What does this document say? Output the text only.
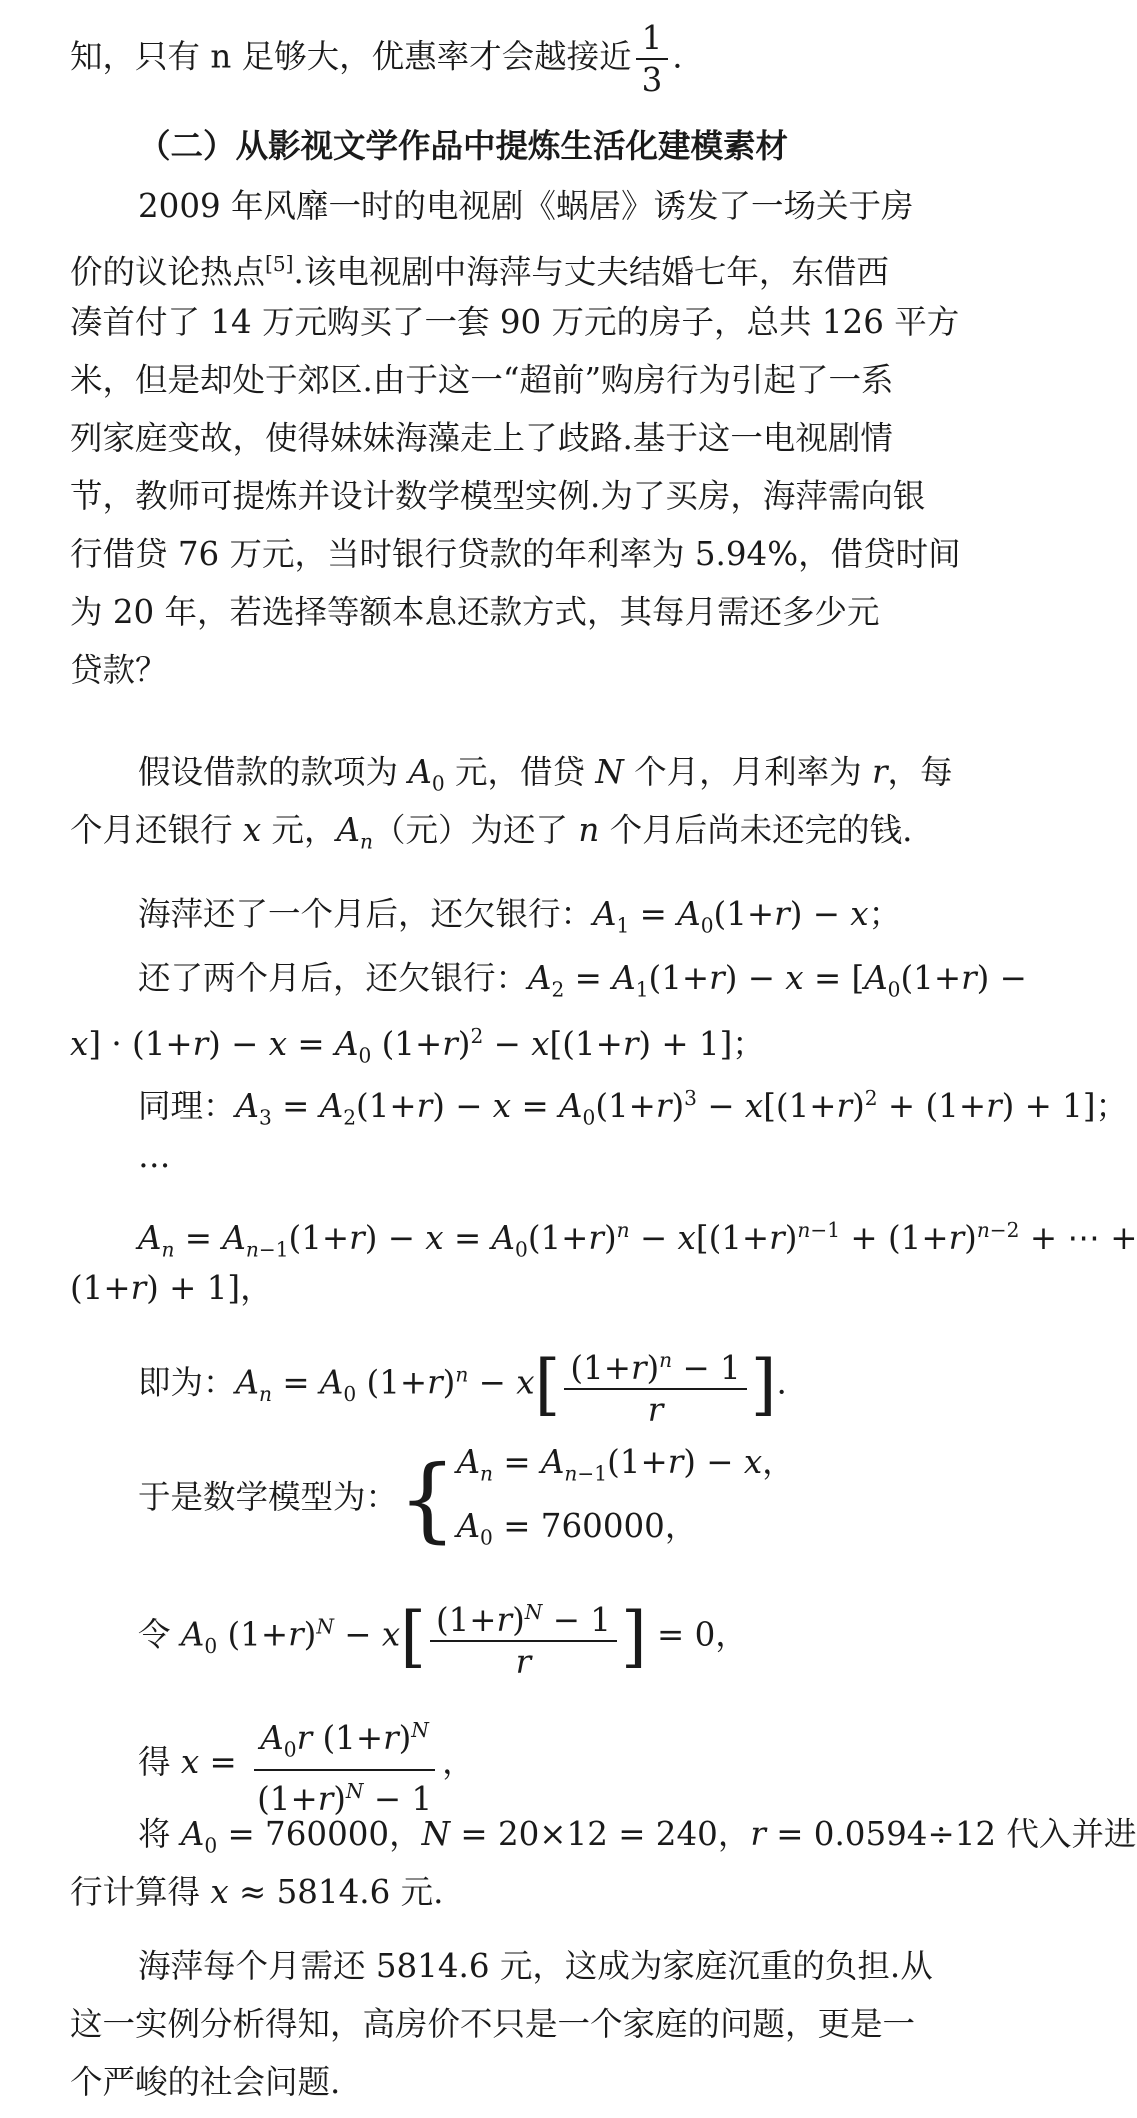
知，只有 n 足够大，优惠率才会越接近 $\frac{1}{3}$ .
（二）从影视文学作品中提炼生活化建模素材
2009 年风靡一时的电视剧《蜗居》诱发了一场关于房
价的议论热点[5].该电视剧中海萍与丈夫结婚七年，东借西
凑首付了 14 万元购买了一套 90 万元的房子，总共 126 平方
米，但是却处于郊区.由于这一“超前”购房行为引起了一系
列家庭变故，使得妹妹海藻走上了歧路.基于这一电视剧情
节，教师可提炼并设计数学模型实例.为了买房，海萍需向银
行借贷 76 万元，当时银行贷款的年利率为 5.94%，借贷时间
为 20 年，若选择等额本息还款方式，其每月需还多少元
贷款？
假设借款的款项为 $A_0$ 元，借贷 N 个月，月利率为 r，每
个月还银行 x 元，$A_n$（元）为还了 n 个月后尚未还完的钱.
海萍还了一个月后，还欠银行：$A_1 = A_0(1+r) - x$；
还了两个月后，还欠银行：$A_2 = A_1(1+r) - x = [A_0(1+r)$ −
$x] \cdot (1+r) - x = A_0$ $(1+r)^2 - x[(1+r) + 1]$；
同理：$A_3 = A_2(1+r) - x = A_0(1+r)^3 - x[(1+r)^2 + (1+r) + 1]$；
…
$A_n = A_{n-1}(1+r) - x = A_0(1+r)^n - x[(1+r)^{n-1} + (1+r)^{n-2}$ + ⋯ +
(1+r) + 1]，
即为：$A_n = A_0$ $(1+r)^n - x[ \frac{(1+r)^n - 1}{r}$ ].
于是数学模型为：{ $A_n = A_{n-1}(1+r) - x$，
$A_0 = 760000$，
令 $A_0$ $(1+r)^N - x[ \frac{(1+r)^N - 1}{r}$ ] = 0，
得 $x = \frac{A_0r (1+r)^N}{(1+r)^N - 1}$ ，
将 $A_0 = 760000$，N = 20×12 = 240，r = 0.0594÷12 代入并进
行计算得 x ≈ 5814.6 元.
海萍每个月需还 5814.6 元，这成为家庭沉重的负担.从
这一实例分析得知，高房价不只是一个家庭的问题，更是一
个严峻的社会问题.
